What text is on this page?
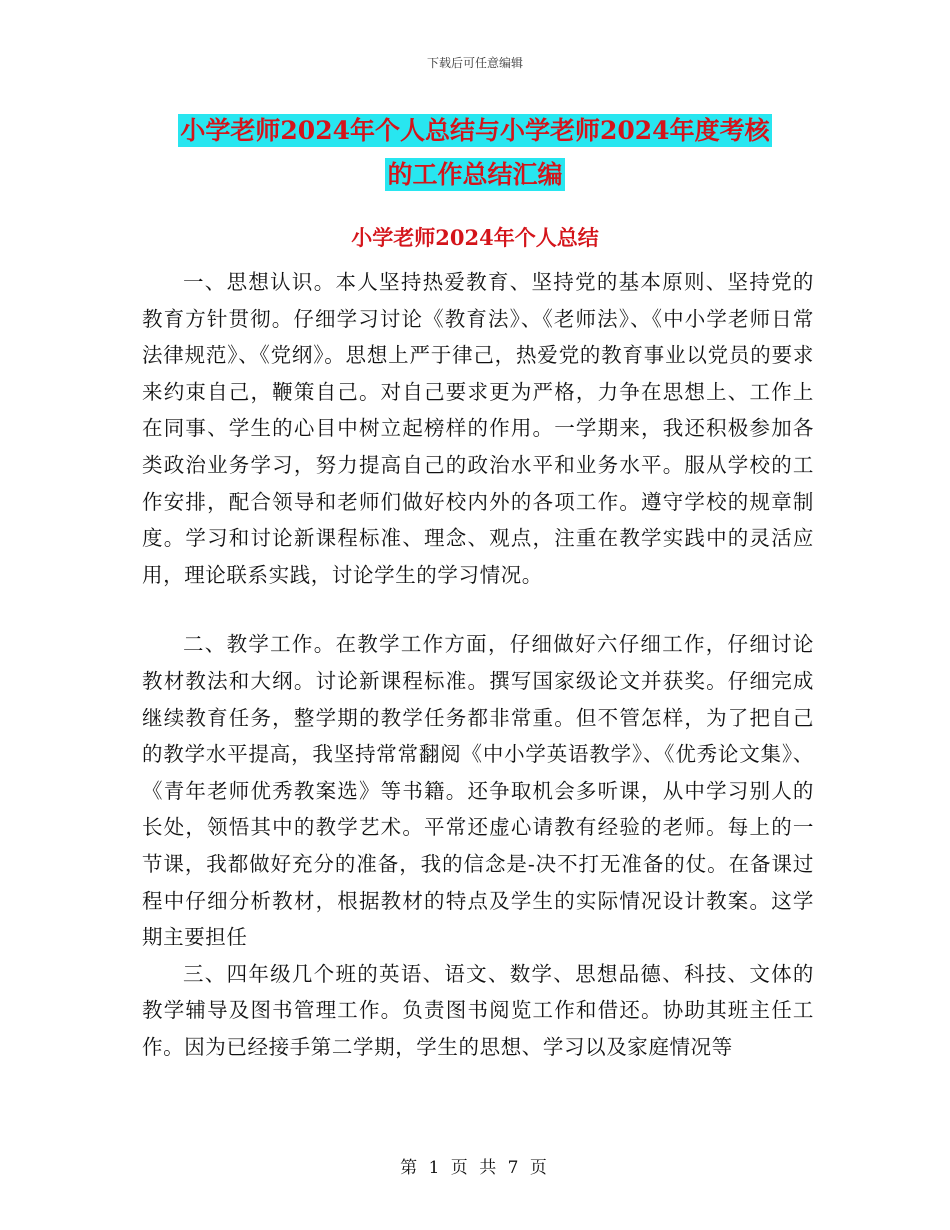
下载后可任意编辑
小学老师2024年个人总结与小学老师2024年度考核
的工作总结汇编
小学老师2024年个人总结

一、思想认识。本人坚持热爱教育、坚持党的基本原则、坚持党的教育方针贯彻。仔细学习讨论《教育法》、《老师法》、《中小学老师日常法律规范》、《党纲》。思想上严于律己，热爱党的教育事业以党员的要求来约束自己，鞭策自己。对自己要求更为严格，力争在思想上、工作上在同事、学生的心目中树立起榜样的作用。一学期来，我还积极参加各类政治业务学习，努力提高自己的政治水平和业务水平。服从学校的工作安排，配合领导和老师们做好校内外的各项工作。遵守学校的规章制度。学习和讨论新课程标准、理念、观点，注重在教学实践中的灵活应用，理论联系实践，讨论学生的学习情况。

二、教学工作。在教学工作方面，仔细做好六仔细工作，仔细讨论教材教法和大纲。讨论新课程标准。撰写国家级论文并获奖。仔细完成继续教育任务，整学期的教学任务都非常重。但不管怎样，为了把自己的教学水平提高，我坚持常常翻阅《中小学英语教学》、《优秀论文集》、《青年老师优秀教案选》等书籍。还争取机会多听课，从中学习别人的长处，领悟其中的教学艺术。平常还虚心请教有经验的老师。每上的一节课，我都做好充分的准备，我的信念是-决不打无准备的仗。在备课过程中仔细分析教材，根据教材的特点及学生的实际情况设计教案。这学期主要担任

三、四年级几个班的英语、语文、数学、思想品德、科技、文体的教学辅导及图书管理工作。负责图书阅览工作和借还。协助其班主任工作。因为已经接手第二学期，学生的思想、学习以及家庭情况等

第 1 页 共 7 页
